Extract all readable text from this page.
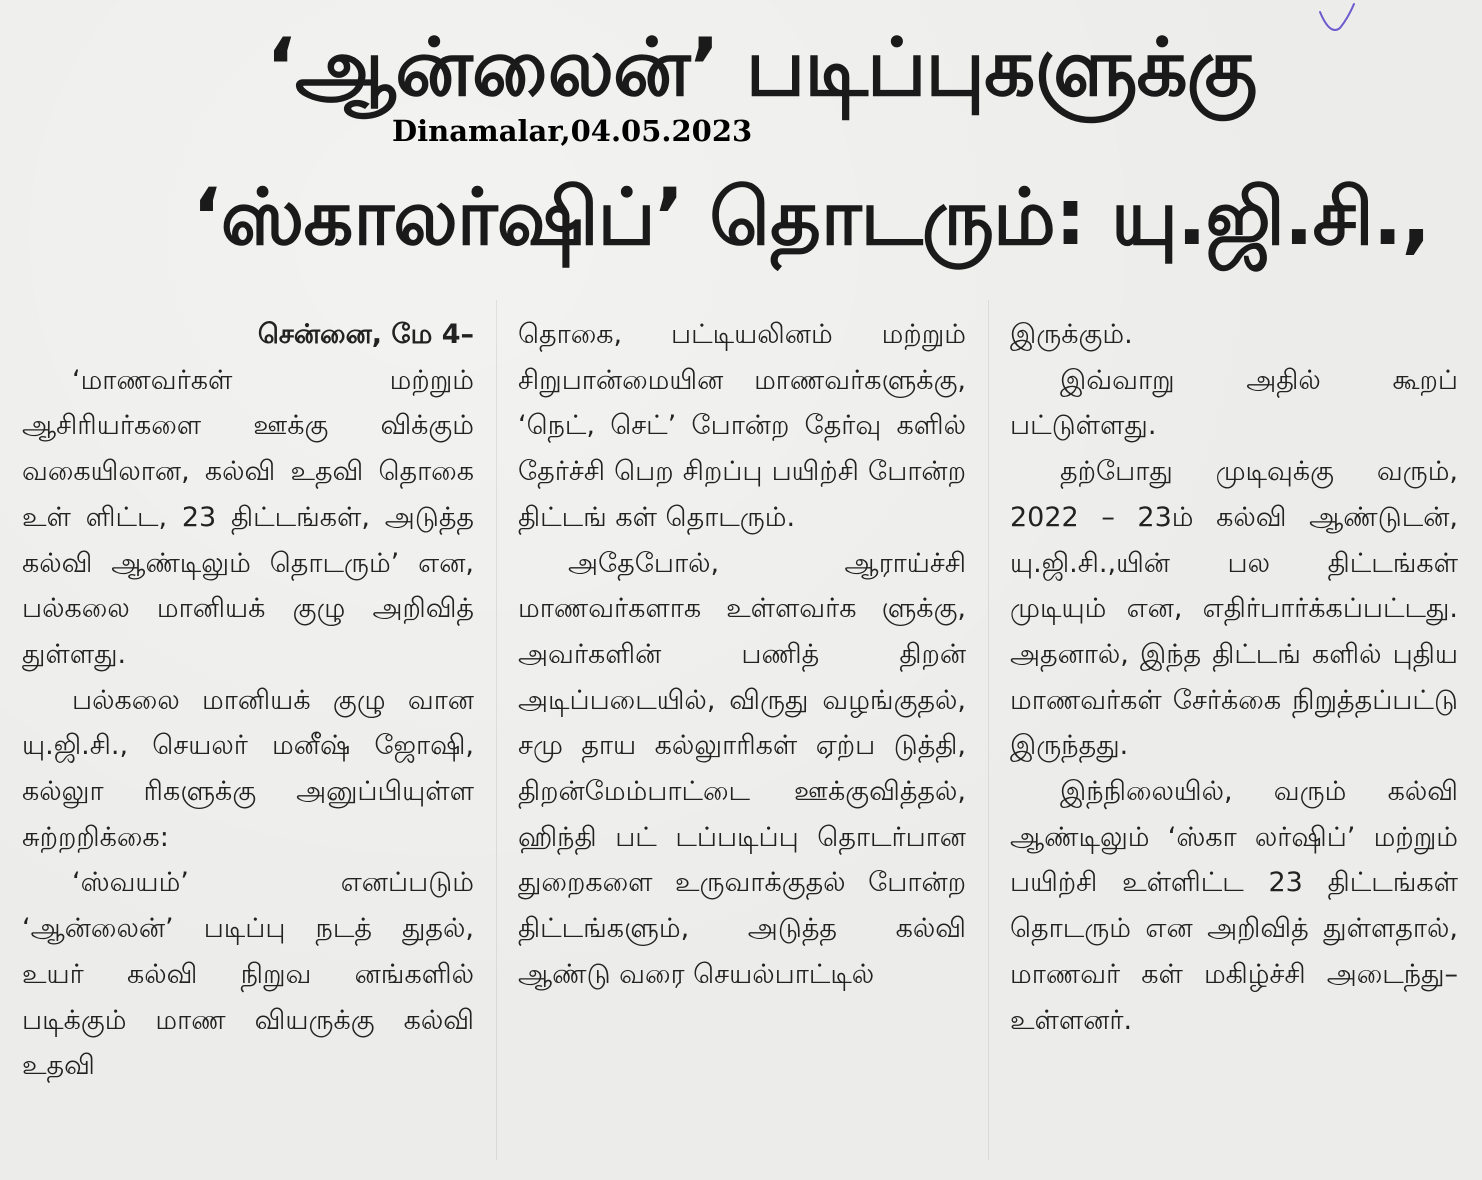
‘ஆன்லைன்’ படிப்புகளுக்கு
‘ஸ்காலர்ஷிப்’ தொடரும்: யு.ஜி.சி.,
Dinamalar,04.05.2023

சென்னை, மே 4–

‘மாணவர்கள் மற்றும் ஆசிரியர்களை ஊக்கு விக்கும் வகையிலான, கல்வி உதவி தொகை உள் ளிட்ட, 23 திட்டங்கள், அடுத்த கல்வி ஆண்டிலும் தொடரும்’ என, பல்கலை மானியக் குழு அறிவித் துள்ளது.

பல்கலை மானியக் குழு வான யு.ஜி.சி., செயலர் மனீஷ் ஜோஷி, கல்லுா ரிகளுக்கு அனுப்பியுள்ள சுற்றறிக்கை:

‘ஸ்வயம்’ எனப்படும் ‘ஆன்லைன்’ படிப்பு நடத் துதல், உயர் கல்வி நிறுவ னங்களில் படிக்கும் மாண வியருக்கு கல்வி உதவி

தொகை, பட்டியலினம் மற்றும் சிறுபான்மையின மாணவர்களுக்கு, ‘நெட், செட்’ போன்ற தேர்வு களில் தேர்ச்சி பெற சிறப்பு பயிற்சி போன்ற திட்டங் கள் தொடரும்.

அதேபோல், ஆராய்ச்சி மாணவர்களாக உள்ளவர்க ளுக்கு, அவர்களின் பணித் திறன் அடிப்படையில், விருது வழங்குதல், சமு தாய கல்லுாரிகள் ஏற்ப டுத்தி, திறன்மேம்பாட்டை ஊக்குவித்தல், ஹிந்தி பட் டப்படிப்பு தொடர்பான துறைகளை உருவாக்குதல் போன்ற திட்டங்களும், அடுத்த கல்வி ஆண்டு வரை செயல்பாட்டில்

இருக்கும்.

இவ்வாறு அதில் கூறப் பட்டுள்ளது.

தற்போது முடிவுக்கு வரும், 2022 – 23ம் கல்வி ஆண்டுடன், யு.ஜி.சி.,யின் பல திட்டங்கள் முடியும் என, எதிர்பார்க்கப்பட்டது. அதனால், இந்த திட்டங் களில் புதிய மாணவர்கள் சேர்க்கை நிறுத்தப்பட்டு இருந்தது.

இந்நிலையில், வரும் கல்வி ஆண்டிலும் ‘ஸ்கா லர்ஷிப்’ மற்றும் பயிற்சி உள்ளிட்ட 23 திட்டங்கள் தொடரும் என அறிவித் துள்ளதால், மாணவர் கள் மகிழ்ச்சி அடைந்து– உள்ளனர்.
